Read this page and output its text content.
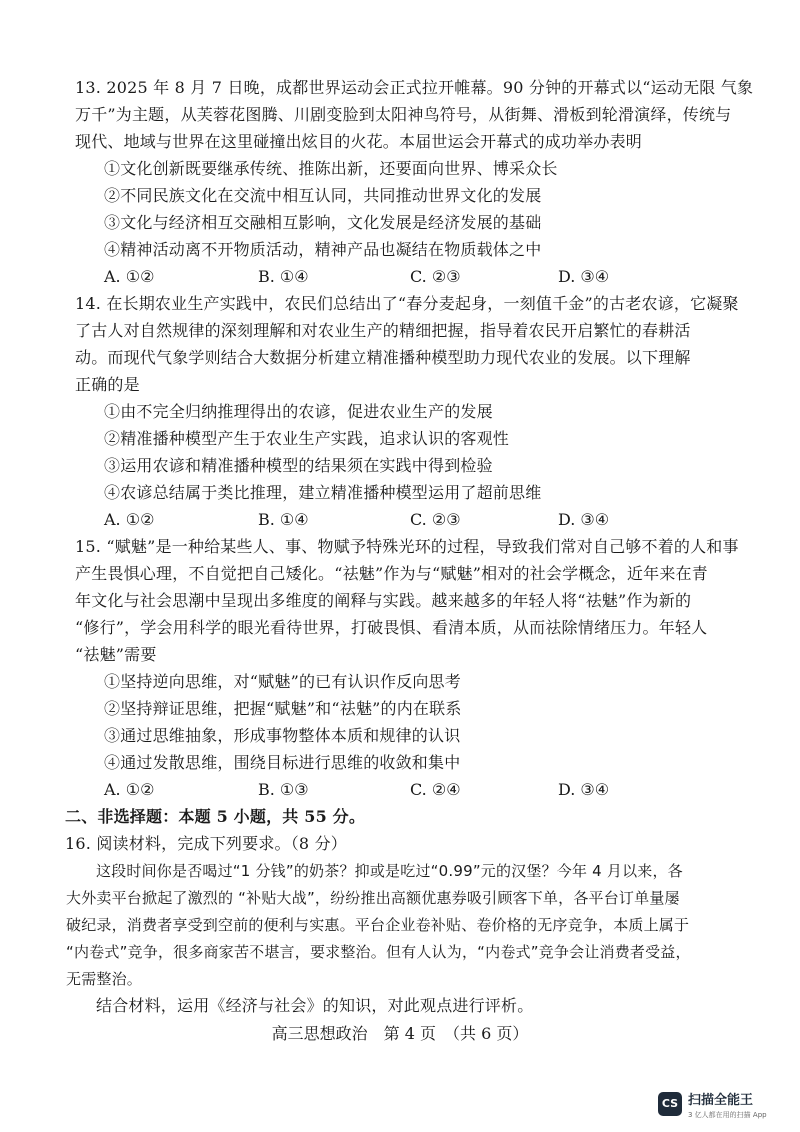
13. 2025 年 8 月 7 日晚，成都世界运动会正式拉开帷幕。90 分钟的开幕式以“运动无限 气象
万千”为主题，从芙蓉花图腾、川剧变脸到太阳神鸟符号，从街舞、滑板到轮滑演绎，传统与
现代、地域与世界在这里碰撞出炫目的火花。本届世运会开幕式的成功举办表明
①文化创新既要继承传统、推陈出新，还要面向世界、博采众长
②不同民族文化在交流中相互认同，共同推动世界文化的发展
③文化与经济相互交融相互影响，文化发展是经济发展的基础
④精神活动离不开物质活动，精神产品也凝结在物质载体之中
A. ①②	B. ①④	C. ②③	D. ③④
14. 在长期农业生产实践中，农民们总结出了“春分麦起身，一刻值千金”的古老农谚，它凝聚
了古人对自然规律的深刻理解和对农业生产的精细把握，指导着农民开启繁忙的春耕活
动。而现代气象学则结合大数据分析建立精准播种模型助力现代农业的发展。以下理解
正确的是
①由不完全归纳推理得出的农谚，促进农业生产的发展
②精准播种模型产生于农业生产实践，追求认识的客观性
③运用农谚和精准播种模型的结果须在实践中得到检验
④农谚总结属于类比推理，建立精准播种模型运用了超前思维
A. ①②	B. ①④	C. ②③	D. ③④
15. “赋魅”是一种给某些人、事、物赋予特殊光环的过程，导致我们常对自己够不着的人和事
产生畏惧心理，不自觉把自己矮化。“祛魅”作为与“赋魅”相对的社会学概念，近年来在青
年文化与社会思潮中呈现出多维度的阐释与实践。越来越多的年轻人将“祛魅”作为新的
“修行”，学会用科学的眼光看待世界，打破畏惧、看清本质，从而祛除情绪压力。年轻人
“祛魅”需要
①坚持逆向思维，对“赋魅”的已有认识作反向思考
②坚持辩证思维，把握“赋魅”和“祛魅”的内在联系
③通过思维抽象，形成事物整体本质和规律的认识
④通过发散思维，围绕目标进行思维的收敛和集中
A. ①②	B. ①③	C. ②④	D. ③④
二、非选择题：本题 5 小题，共 55 分。
16. 阅读材料，完成下列要求。（8 分）
这段时间你是否喝过“1 分钱”的奶茶？抑或是吃过“0.99”元的汉堡？今年 4 月以来，各
大外卖平台掀起了激烈的 “补贴大战”，纷纷推出高额优惠券吸引顾客下单，各平台订单量屡
破纪录，消费者享受到空前的便利与实惠。平台企业卷补贴、卷价格的无序竞争，本质上属于
“内卷式”竞争，很多商家苦不堪言，要求整治。但有人认为，“内卷式”竞争会让消费者受益，
无需整治。
结合材料，运用《经济与社会》的知识，对此观点进行评析。
高三思想政治　第 4 页　（共 6 页）
CS 扫描全能王
3 亿人都在用的扫描 App
